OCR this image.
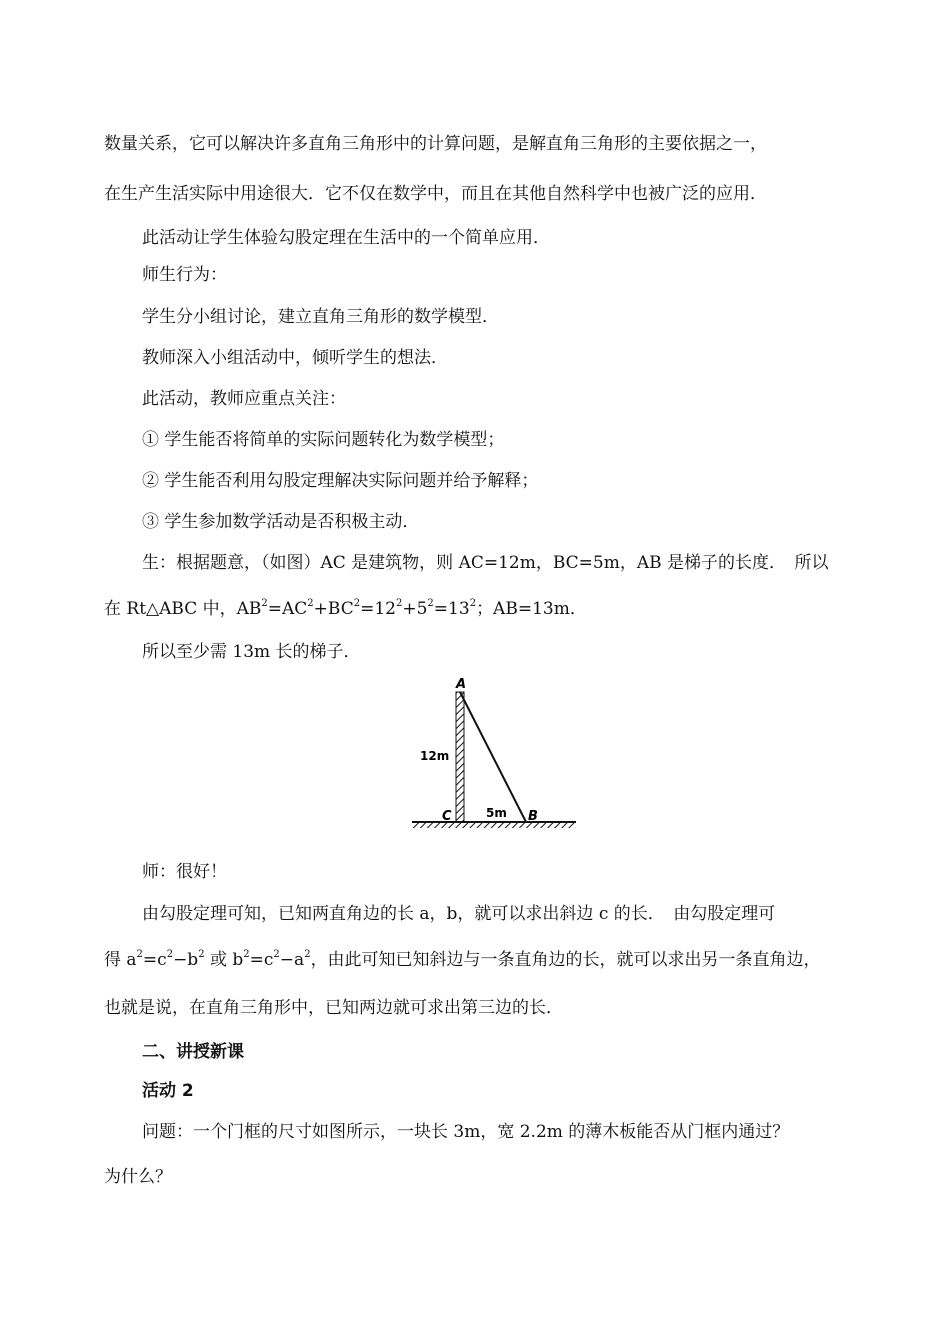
数量关系，它可以解决许多直角三角形中的计算问题，是解直角三角形的主要依据之一，
在生产生活实际中用途很大．它不仅在数学中，而且在其他自然科学中也被广泛的应用．
此活动让学生体验勾股定理在生活中的一个简单应用．
师生行为：
学生分小组讨论，建立直角三角形的数学模型．
教师深入小组活动中，倾听学生的想法．
此活动，教师应重点关注：
① 学生能否将简单的实际问题转化为数学模型；
② 学生能否利用勾股定理解决实际问题并给予解释；
③ 学生参加数学活动是否积极主动．
生：根据题意，（如图）AC 是建筑物，则 AC=12m，BC=5m，AB 是梯子的长度．　所以
在 Rt△ABC 中，$AB^2=AC^2+BC^2=12^2+5^2=13^2$；AB=13m．
所以至少需 13m 长的梯子．
A
C	B
12m
5m
师：很好！
由勾股定理可知，已知两直角边的长 a，b，就可以求出斜边 c 的长．　由勾股定理可
得 $a^2=c^2-b^2$ 或 $b^2=c^2-a^2$，由此可知已知斜边与一条直角边的长，就可以求出另一条直角边，
也就是说，在直角三角形中，已知两边就可求出第三边的长．
二、讲授新课
活动 2
问题：一个门框的尺寸如图所示，一块长 3m，宽 2.2m 的薄木板能否从门框内通过？
为什么？
